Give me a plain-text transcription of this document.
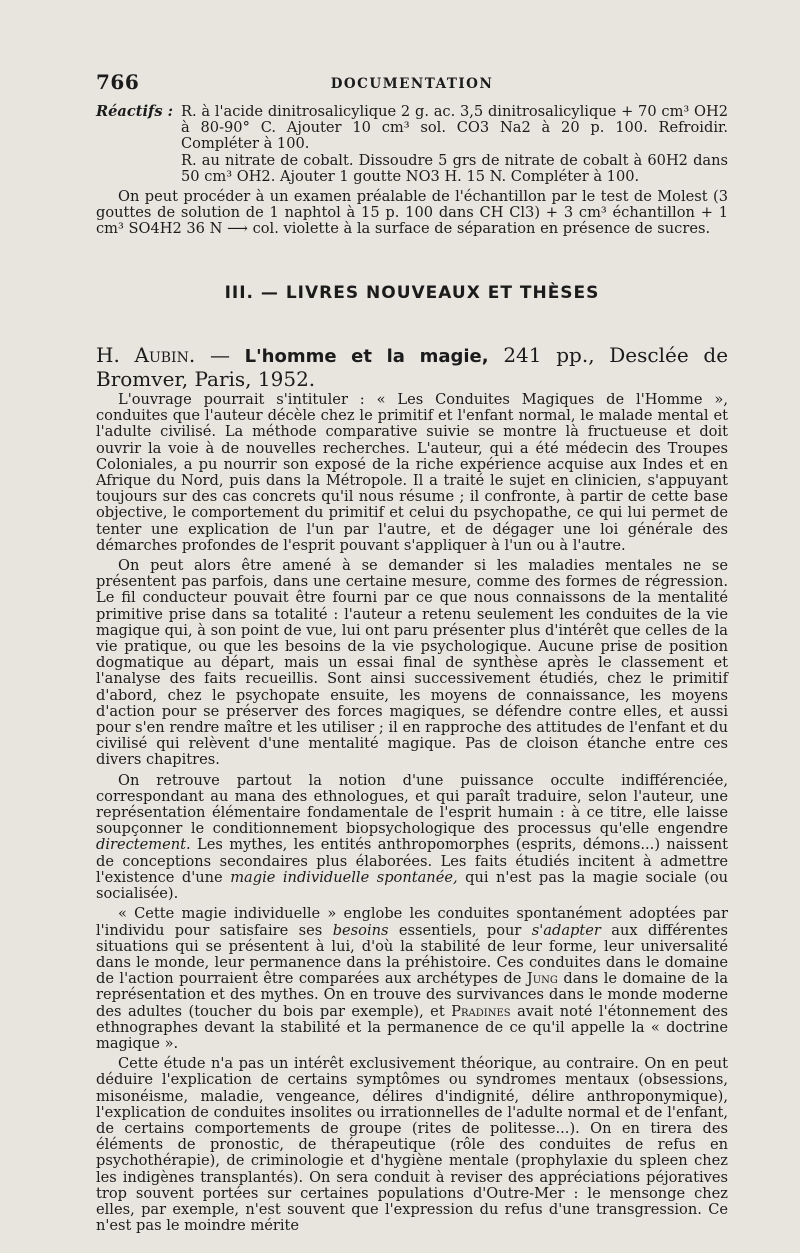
766	DOCUMENTATION
Réactifs : R. à l'acide dinitrosalicylique 2 g. ac. 3,5 dinitrosalicylique + 70 cm³ OH2 à 80-90° C. Ajouter 10 cm³ sol. CO3 Na2 à 20 p. 100. Refroidir. Compléter à 100.

R. au nitrate de cobalt. Dissoudre 5 grs de nitrate de cobalt à 60H2 dans 50 cm³ OH2. Ajouter 1 goutte NO3 H. 15 N. Compléter à 100.

On peut procéder à un examen préalable de l'échantillon par le test de Molest (3 gouttes de solution de 1 naphtol à 15 p. 100 dans CH Cl3) + 3 cm³ échantillon + 1 cm³ SO4H2 36 N ⟶ col. violette à la surface de séparation en présence de sucres.

III. — LIVRES NOUVEAUX ET THÈSES
H. Aubin. — L'homme et la magie, 241 pp., Desclée de Bromver, Paris, 1952.

L'ouvrage pourrait s'intituler : « Les Conduites Magiques de l'Homme », conduites que l'auteur décèle chez le primitif et l'enfant normal, le malade mental et l'adulte civilisé. La méthode comparative suivie se montre là fructueuse et doit ouvrir la voie à de nouvelles recherches. L'auteur, qui a été médecin des Troupes Coloniales, a pu nourrir son exposé de la riche expérience acquise aux Indes et en Afrique du Nord, puis dans la Métropole. Il a traité le sujet en clinicien, s'appuyant toujours sur des cas concrets qu'il nous résume ; il confronte, à partir de cette base objective, le comportement du primitif et celui du psychopathe, ce qui lui permet de tenter une explication de l'un par l'autre, et de dégager une loi générale des démarches profondes de l'esprit pouvant s'appliquer à l'un ou à l'autre.

On peut alors être amené à se demander si les maladies mentales ne se présentent pas parfois, dans une certaine mesure, comme des formes de régression. Le fil conducteur pouvait être fourni par ce que nous connaissons de la mentalité primitive prise dans sa totalité : l'auteur a retenu seulement les conduites de la vie magique qui, à son point de vue, lui ont paru présenter plus d'intérêt que celles de la vie pratique, ou que les besoins de la vie psychologique. Aucune prise de position dogmatique au départ, mais un essai final de synthèse après le classement et l'analyse des faits recueillis. Sont ainsi successivement étudiés, chez le primitif d'abord, chez le psychopate ensuite, les moyens de connaissance, les moyens d'action pour se préserver des forces magiques, se défendre contre elles, et aussi pour s'en rendre maître et les utiliser ; il en rapproche des attitudes de l'enfant et du civilisé qui relèvent d'une mentalité magique. Pas de cloison étanche entre ces divers chapitres.

On retrouve partout la notion d'une puissance occulte indifférenciée, correspondant au mana des ethnologues, et qui paraît traduire, selon l'auteur, une représentation élémentaire fondamentale de l'esprit humain : à ce titre, elle laisse soupçonner le conditionnement biopsychologique des processus qu'elle engendre directement. Les mythes, les entités anthropomorphes (esprits, démons...) naissent de conceptions secondaires plus élaborées. Les faits étudiés incitent à admettre l'existence d'une magie individuelle spontanée, qui n'est pas la magie sociale (ou socialisée).

« Cette magie individuelle » englobe les conduites spontanément adoptées par l'individu pour satisfaire ses besoins essentiels, pour s'adapter aux différentes situations qui se présentent à lui, d'où la stabilité de leur forme, leur universalité dans le monde, leur permanence dans la préhistoire. Ces conduites dans le domaine de l'action pourraient être comparées aux archétypes de Jung dans le domaine de la représentation et des mythes. On en trouve des survivances dans le monde moderne des adultes (toucher du bois par exemple), et Pradines avait noté l'étonnement des ethnographes devant la stabilité et la permanence de ce qu'il appelle la « doctrine magique ».

Cette étude n'a pas un intérêt exclusivement théorique, au contraire. On en peut déduire l'explication de certains symptômes ou syndromes mentaux (obsessions, misonéisme, maladie, vengeance, délires d'indignité, délire anthroponymique), l'explication de conduites insolites ou irrationnelles de l'adulte normal et de l'enfant, de certains comportements de groupe (rites de politesse...). On en tirera des éléments de pronostic, de thérapeutique (rôle des conduites de refus en psychothérapie), de criminologie et d'hygiène mentale (prophylaxie du spleen chez les indigènes transplantés). On sera conduit à reviser des appréciations péjoratives trop souvent portées sur certaines populations d'Outre-Mer : le mensonge chez elles, par exemple, n'est souvent que l'expression du refus d'une transgression. Ce n'est pas le moindre mérite
